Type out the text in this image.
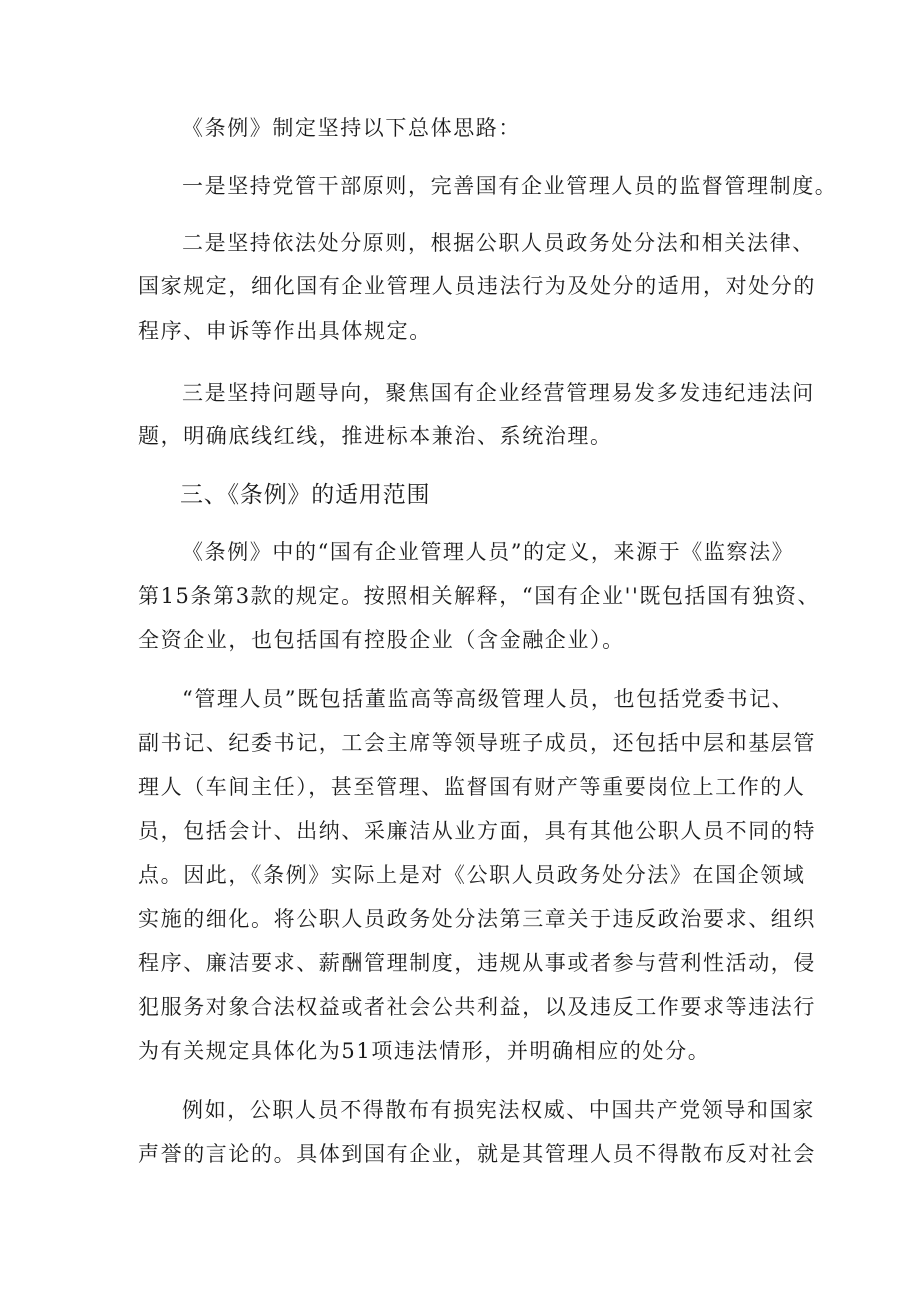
《条例》制定坚持以下总体思路：
一是坚持党管干部原则，完善国有企业管理人员的监督管理制度。
二是坚持依法处分原则，根据公职人员政务处分法和相关法律、
国家规定，细化国有企业管理人员违法行为及处分的适用，对处分的
程序、申诉等作出具体规定。
三是坚持问题导向，聚焦国有企业经营管理易发多发违纪违法问
题，明确底线红线，推进标本兼治、系统治理。
三、《条例》的适用范围
《条例》中的“国有企业管理人员”的定义，来源于《监察法》
第15条第3款的规定。按照相关解释，“国有企业''既包括国有独资、
全资企业，也包括国有控股企业（含金融企业）。
“管理人员”既包括董监高等高级管理人员，也包括党委书记、
副书记、纪委书记，工会主席等领导班子成员，还包括中层和基层管
理人（车间主任），甚至管理、监督国有财产等重要岗位上工作的人
员，包括会计、出纳、采廉洁从业方面，具有其他公职人员不同的特
点。因此，《条例》实际上是对《公职人员政务处分法》在国企领域
实施的细化。将公职人员政务处分法第三章关于违反政治要求、组织
程序、廉洁要求、薪酬管理制度，违规从事或者参与营利性活动，侵
犯服务对象合法权益或者社会公共利益，以及违反工作要求等违法行
为有关规定具体化为51项违法情形，并明确相应的处分。
例如，公职人员不得散布有损宪法权威、中国共产党领导和国家
声誉的言论的。具体到国有企业，就是其管理人员不得散布反对社会
